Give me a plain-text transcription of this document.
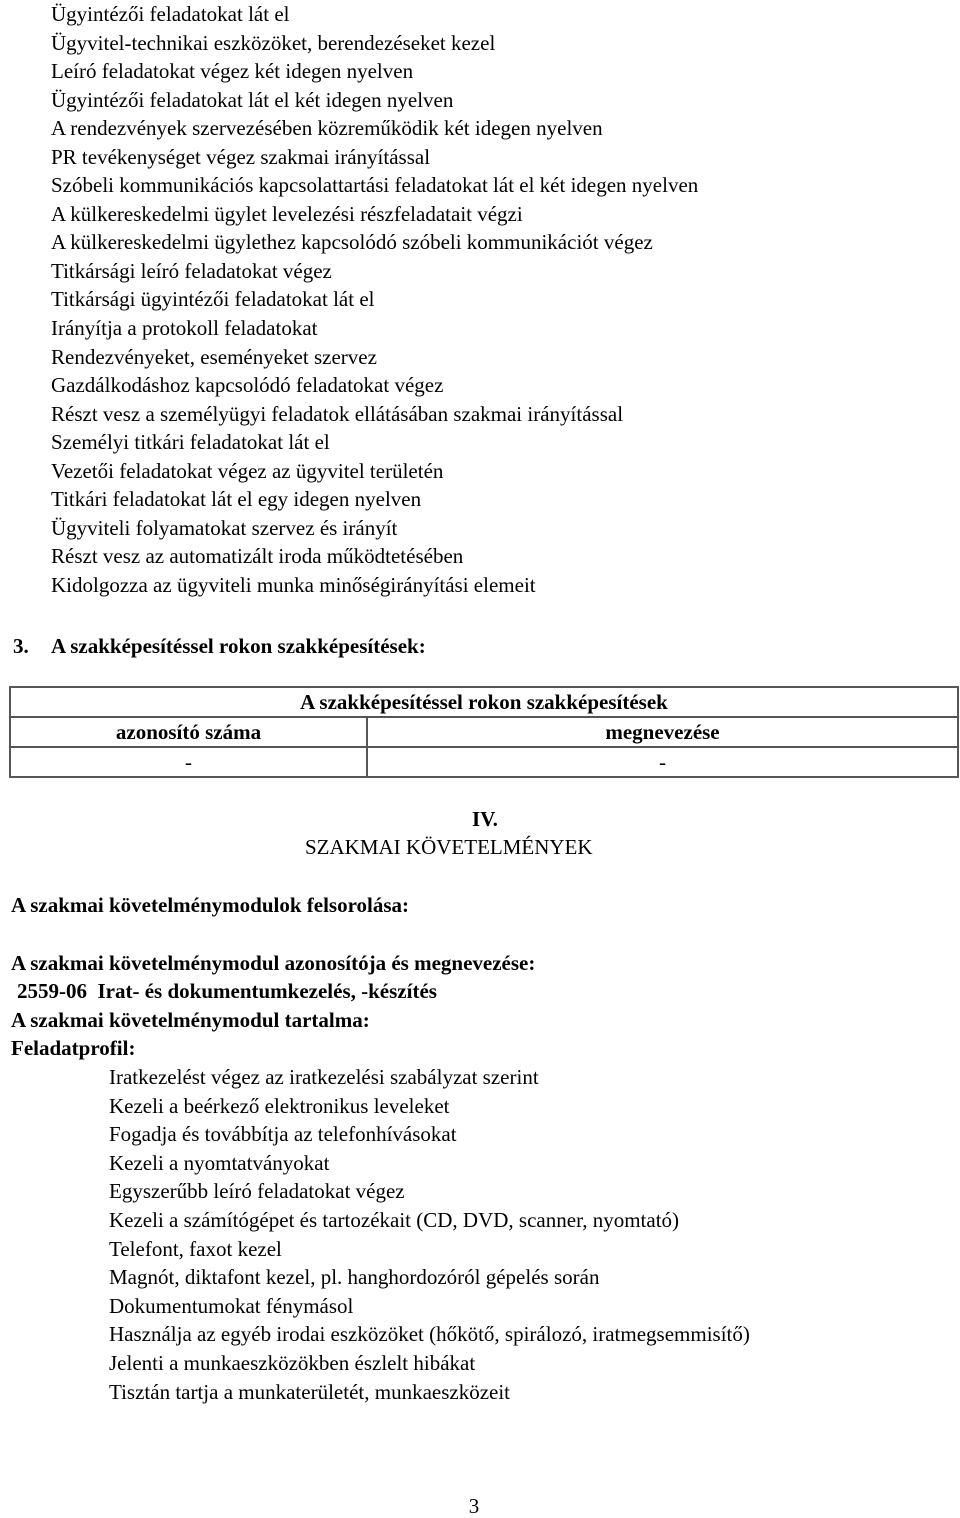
Ügyintézői feladatokat lát el
Ügyvitel-technikai eszközöket, berendezéseket kezel
Leíró feladatokat végez két idegen nyelven
Ügyintézői feladatokat lát el két idegen nyelven
A rendezvények szervezésében közreműködik két idegen nyelven
PR tevékenységet végez szakmai irányítással
Szóbeli kommunikációs kapcsolattartási feladatokat lát el két idegen nyelven
A külkereskedelmi ügylet levelezési részfeladatait végzi
A külkereskedelmi ügylethez kapcsolódó szóbeli kommunikációt végez
Titkársági leíró feladatokat végez
Titkársági ügyintézői feladatokat lát el
Irányítja a protokoll feladatokat
Rendezvényeket, eseményeket szervez
Gazdálkodáshoz kapcsolódó feladatokat végez
Részt vesz a személyügyi feladatok ellátásában szakmai irányítással
Személyi titkári feladatokat lát el
Vezetői feladatokat végez az ügyvitel területén
Titkári feladatokat lát el egy idegen nyelven
Ügyviteli folyamatokat szervez és irányít
Részt vesz az automatizált iroda működtetésében
Kidolgozza az ügyviteli munka minőségirányítási elemeit
3. A szakképesítéssel rokon szakképesítések:
A szakképesítéssel rokon szakképesítések	
azonosító száma	megnevezése
-	-
IV.
SZAKMAI KÖVETELMÉNYEK
A szakmai követelménymodulok felsorolása:
A szakmai követelménymodul azonosítója és megnevezése:
2559-06  Irat- és dokumentumkezelés, -készítés
A szakmai követelménymodul tartalma:
Feladatprofil:
Iratkezelést végez az iratkezelési szabályzat szerint
Kezeli a beérkező elektronikus leveleket
Fogadja és továbbítja az telefonhívásokat
Kezeli a nyomtatványokat
Egyszerűbb leíró feladatokat végez
Kezeli a számítógépet és tartozékait (CD, DVD, scanner, nyomtató)
Telefont, faxot kezel
Magnót, diktafont kezel, pl. hanghordozóról gépelés során
Dokumentumokat fénymásol
Használja az egyéb irodai eszközöket (hőkötő, spirálozó, iratmegsemmisítő)
Jelenti a munkaeszközökben észlelt hibákat
Tisztán tartja a munkaterületét, munkaeszközeit
3
